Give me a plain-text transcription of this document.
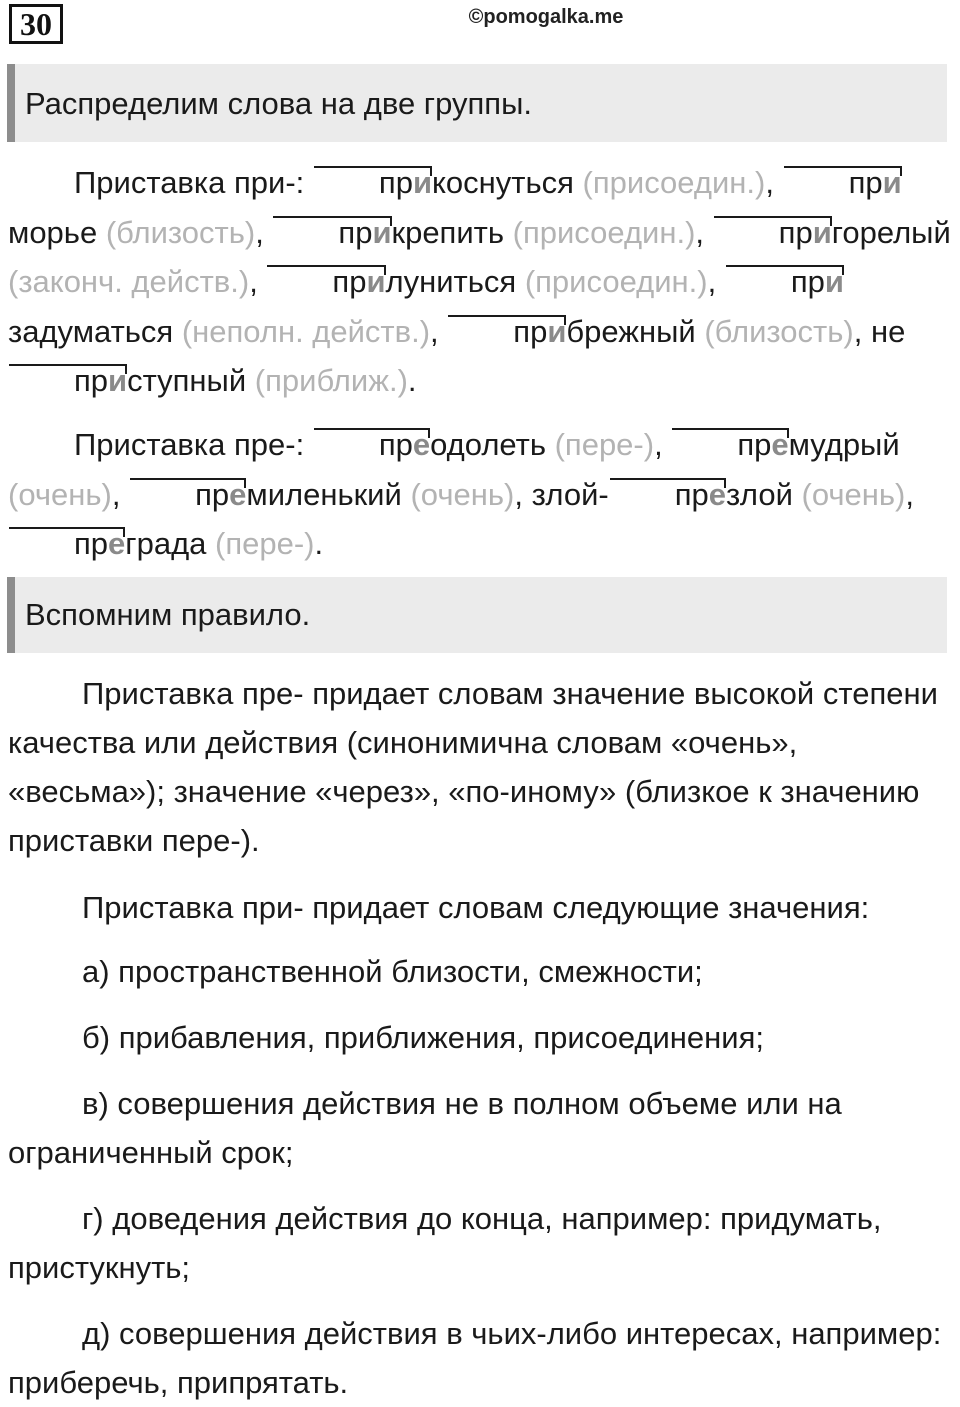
30	©pomogalka.me
Распределим слова на две группы.
Приставка при-: прикоснуться (присоедин.), приморье (близость), прикрепить (присоедин.), пригорелый (законч. действ.), прилуниться (присоедин.), призадуматься (неполн. действ.), прибрежный (близость), неприступный (приближ.).
Приставка пре-: преодолеть (пере-), премудрый (очень), премиленький (очень), злой- презлой (очень), преграда (пере-).
Вспомним правило.
Приставка пре- придает словам значение высокой степени качества или действия (синонимична словам «очень», «весьма»); значение «через», «по-иному» (близкое к значению приставки пере-).
Приставка при- придает словам следующие значения:
а) пространственной близости, смежности;
б) прибавления, приближения, присоединения;
в) совершения действия не в полном объеме или на ограниченный срок;
г) доведения действия до конца, например: придумать, пристукнуть;
д) совершения действия в чьих-либо интересах, например: приберечь, припрятать.
